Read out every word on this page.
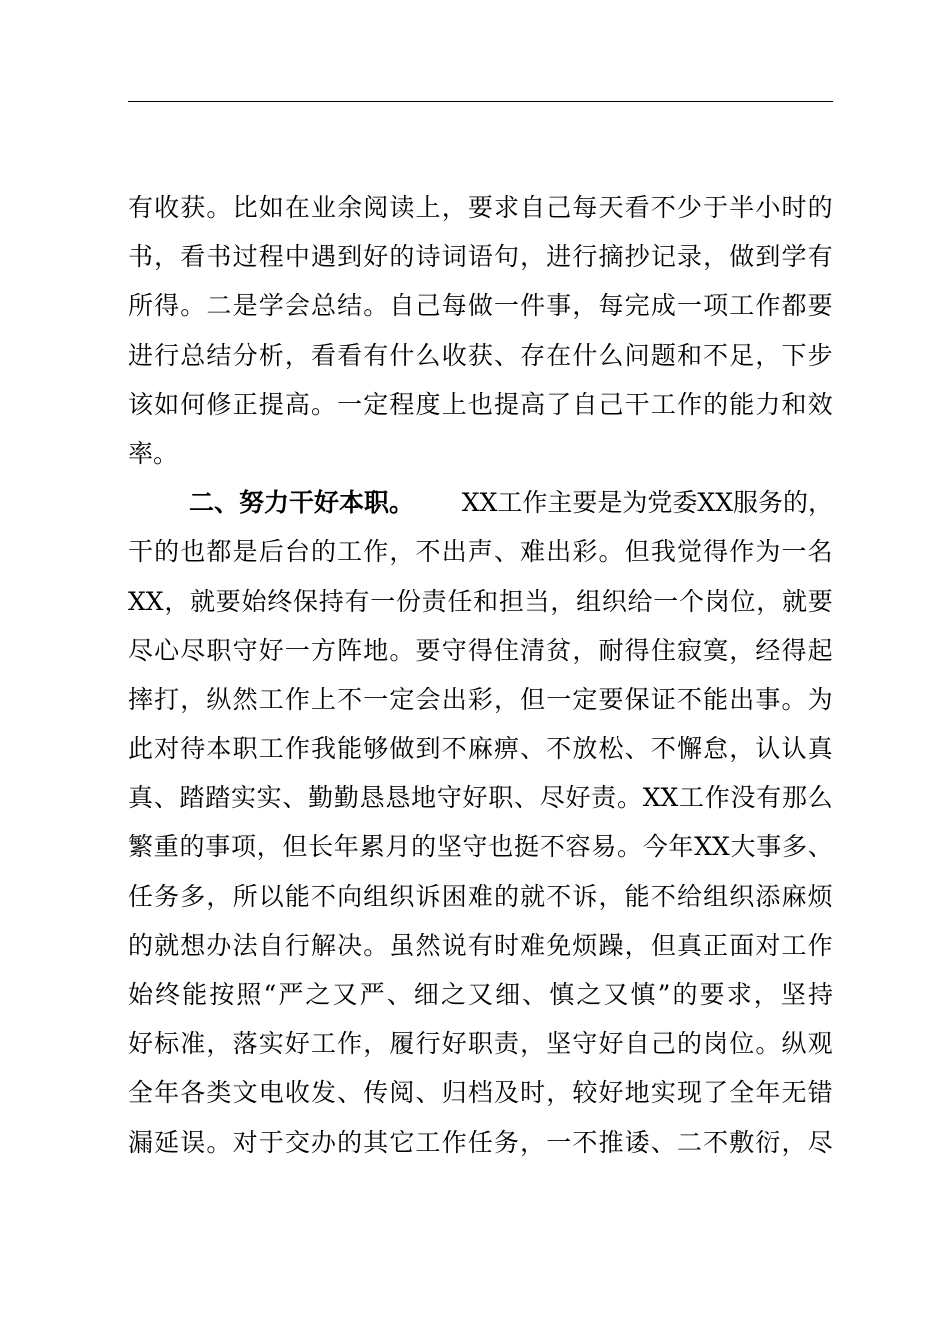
有 收 获 。 比 如 在 业 余 阅 读 上 ， 要 求 自 己 每 天 看 不 少 于 半 小 时 的
书 ， 看 书 过 程 中 遇 到 好 的 诗 词 语 句 ， 进 行 摘 抄 记 录 ， 做 到 学 有
所 得 。 二 是 学 会 总 结 。 自 己 每 做 一 件 事 ， 每 完 成 一 项 工 作 都 要
进 行 总 结 分 析 ， 看 看 有 什 么 收 获 、 存 在 什 么 问 题 和 不 足 ， 下 步
该 如 何 修 正 提 高 。 一 定 程 度 上 也 提 高 了 自 己 干 工 作 的 能 力 和 效
率。
二、努力干好本职。 XX工作主要是为党委XX服务的，
干 的 也 都 是 后 台 的 工 作 ， 不 出 声 、 难 出 彩 。 但 我 觉 得 作 为 一 名
XX ， 就 要 始 终 保 持 有 一 份 责 任 和 担 当 ， 组 织 给 一 个 岗 位 ， 就 要
尽 心 尽 职 守 好 一 方 阵 地 。 要 守 得 住 清 贫 ， 耐 得 住 寂 寞 ， 经 得 起
摔 打 ， 纵 然 工 作 上 不 一 定 会 出 彩 ， 但 一 定 要 保 证 不 能 出 事 。 为
此 对 待 本 职 工 作 我 能 够 做 到 不 麻 痹 、 不 放 松 、 不 懈 怠 ， 认 认 真
真 、 踏 踏 实 实 、 勤 勤 恳 恳 地 守 好 职 、 尽 好 责 。 XX 工 作 没 有 那 么
繁 重 的 事 项 ， 但 长 年 累 月 的 坚 守 也 挺 不 容 易 。 今 年 XX 大 事 多 、
任 务 多 ， 所 以 能 不 向 组 织 诉 困 难 的 就 不 诉 ， 能 不 给 组 织 添 麻 烦
的 就 想 办 法 自 行 解 决 。 虽 然 说 有 时 难 免 烦 躁 ， 但 真 正 面 对 工 作
始 终 能 按 照 “ 严 之 又 严 、 细 之 又 细 、 慎 之 又 慎 ” 的 要 求 ， 坚 持
好 标 准 ， 落 实 好 工 作 ， 履 行 好 职 责 ， 坚 守 好 自 己 的 岗 位 。 纵 观
全 年 各 类 文 电 收 发 、 传 阅 、 归 档 及 时 ， 较 好 地 实 现 了 全 年 无 错
漏 延 误 。 对 于 交 办 的 其 它 工 作 任 务 ， 一 不 推 诿 、 二 不 敷 衍 ， 尽
